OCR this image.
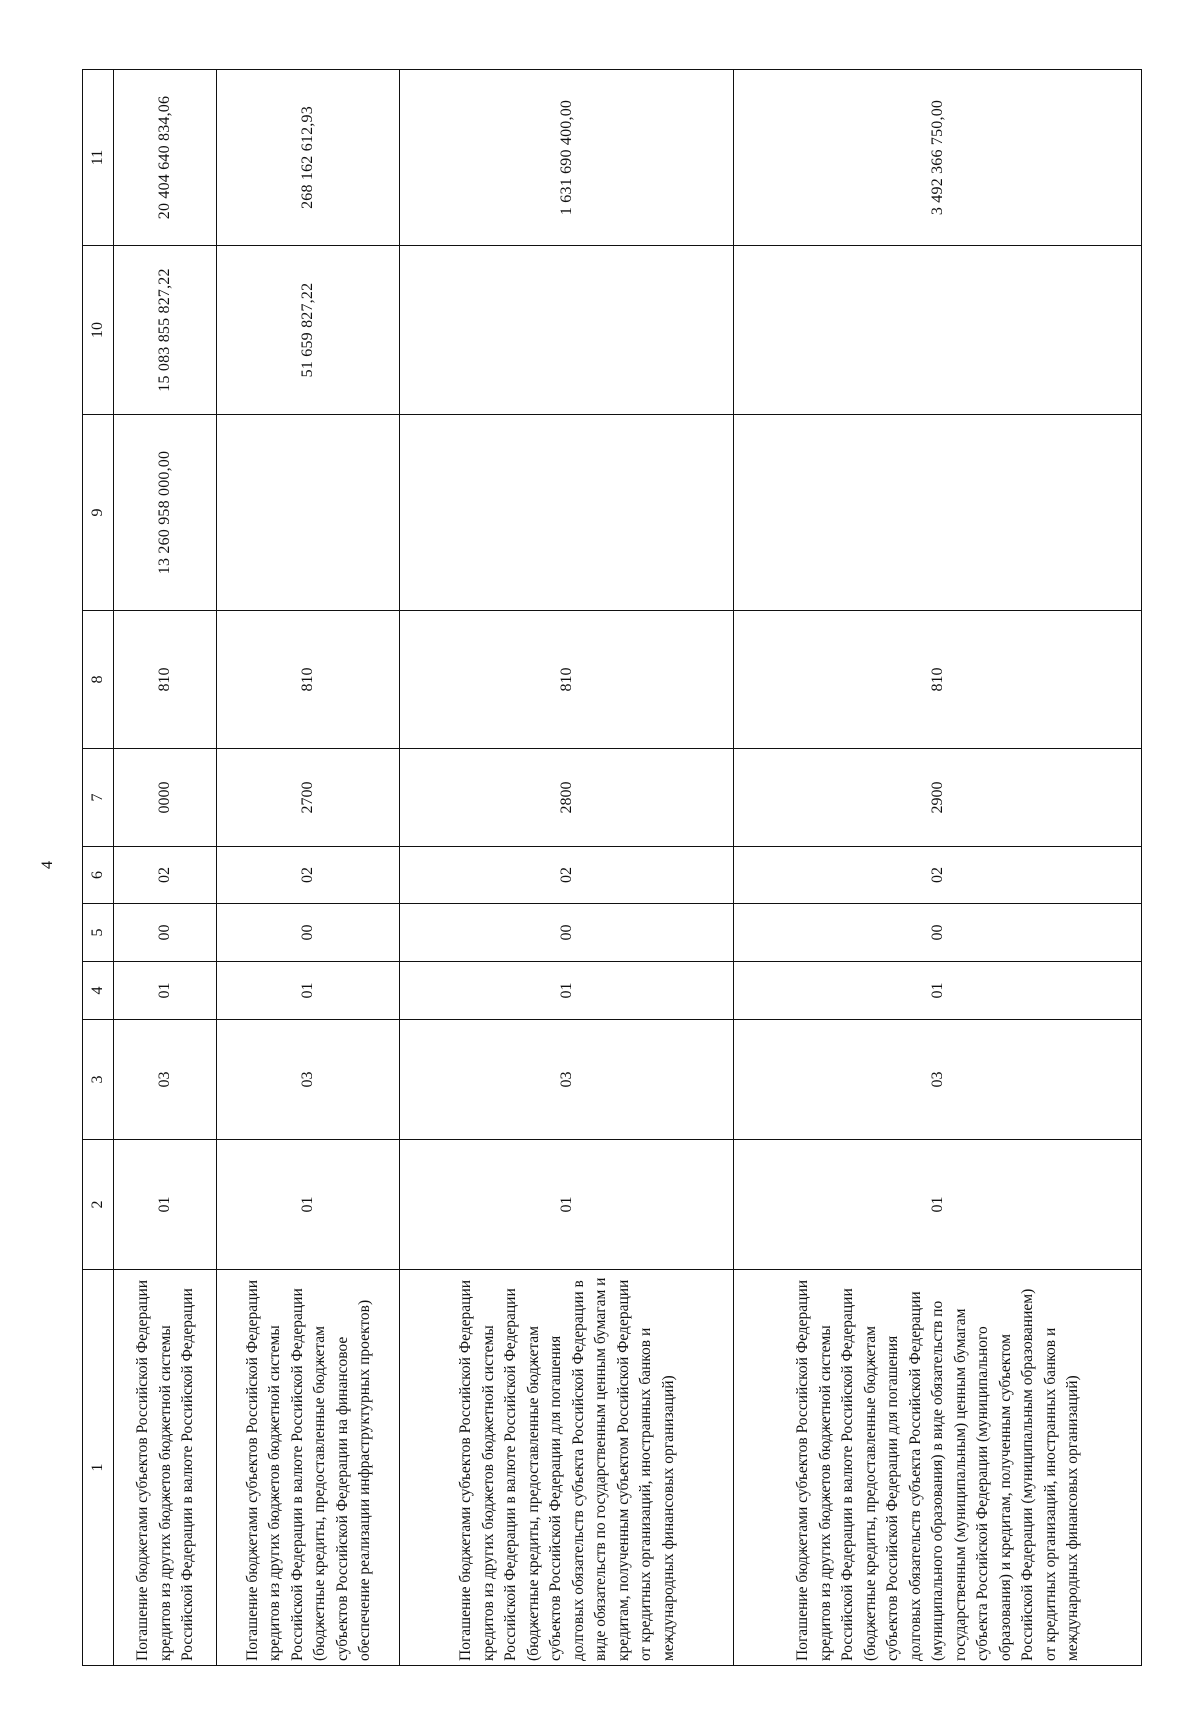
4
1	2	3	4	5	6	7	8	9	10	11
Погашение бюджетами субъектов Российской Федерации кредитов из других бюджетов бюджетной системы Российской Федерации в валюте Российской Федерации	01	03	01	00	02	0000	810	13 260 958 000,00	15 083 855 827,22	20 404 640 834,06
Погашение бюджетами субъектов Российской Федерации кредитов из других бюджетов бюджетной системы Российской Федерации в валюте Российской Федерации (бюджетные кредиты, предоставленные бюджетам субъектов Российской Федерации на финансовое обеспечение реализации инфраструктурных проектов)	01	03	01	00	02	2700	810		51 659 827,22	268 162 612,93
Погашение бюджетами субъектов Российской Федерации кредитов из других бюджетов бюджетной системы Российской Федерации в валюте Российской Федерации (бюджетные кредиты, предоставленные бюджетам субъектов Российской Федерации для погашения долговых обязательств субъекта Российской Федерации в виде обязательств по государственным ценным бумагам и кредитам, полученным субъектом Российской Федерации от кредитных организаций, иностранных банков и международных финансовых организаций)	01	03	01	00	02	2800	810			1 631 690 400,00
Погашение бюджетами субъектов Российской Федерации кредитов из других бюджетов бюджетной системы Российской Федерации в валюте Российской Федерации (бюджетные кредиты, предоставленные бюджетам субъектов Российской Федерации для погашения долговых обязательств субъекта Российской Федерации (муниципального образования) в виде обязательств по государственным (муниципальным) ценным бумагам субъекта Российской Федерации (муниципального образования) и кредитам, полученным субъектом Российской Федерации (муниципальным образованием) от кредитных организаций, иностранных банков и международных финансовых организаций)	01	03	01	00	02	2900	810			3 492 366 750,00
